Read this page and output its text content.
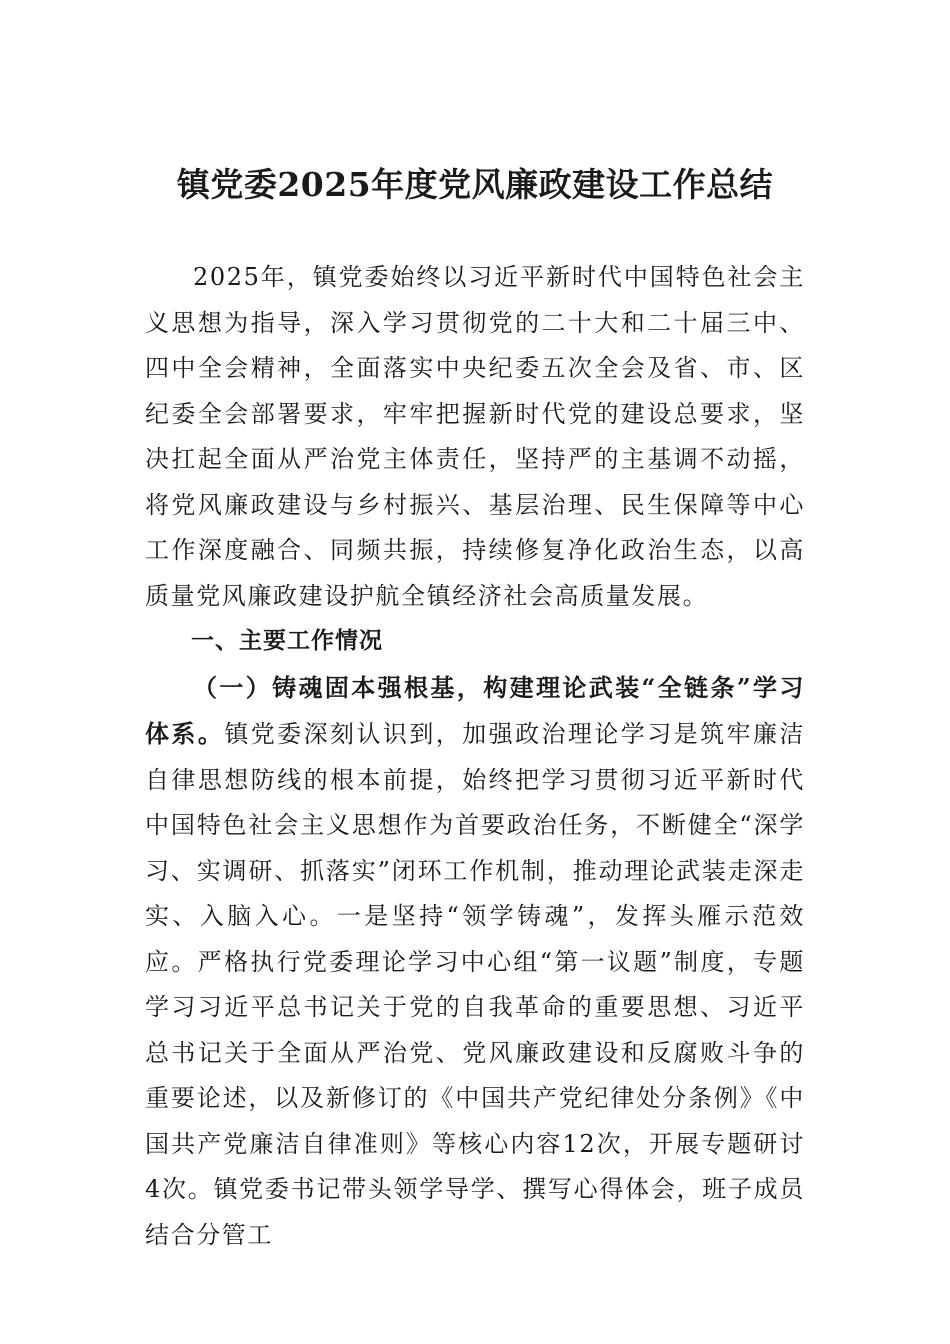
镇党委2025年度党风廉政建设工作总结

2025年，镇党委始终以习近平新时代中国特色社会主义思想为指导，深入学习贯彻党的二十大和二十届三中、四中全会精神，全面落实中央纪委五次全会及省、市、区纪委全会部署要求，牢牢把握新时代党的建设总要求，坚决扛起全面从严治党主体责任，坚持严的主基调不动摇，将党风廉政建设与乡村振兴、基层治理、民生保障等中心工作深度融合、同频共振，持续修复净化政治生态，以高质量党风廉政建设护航全镇经济社会高质量发展。

一、主要工作情况

（一）铸魂固本强根基，构建理论武装“全链条”学习体系。镇党委深刻认识到，加强政治理论学习是筑牢廉洁自律思想防线的根本前提，始终把学习贯彻习近平新时代中国特色社会主义思想作为首要政治任务，不断健全“深学习、实调研、抓落实”闭环工作机制，推动理论武装走深走实、入脑入心。一是坚持“领学铸魂”，发挥头雁示范效应。严格执行党委理论学习中心组“第一议题”制度，专题学习习近平总书记关于党的自我革命的重要思想、习近平总书记关于全面从严治党、党风廉政建设和反腐败斗争的重要论述，以及新修订的《中国共产党纪律处分条例》《中国共产党廉洁自律准则》等核心内容12次，开展专题研讨4次。镇党委书记带头领学导学、撰写心得体会，班子成员结合分管工
